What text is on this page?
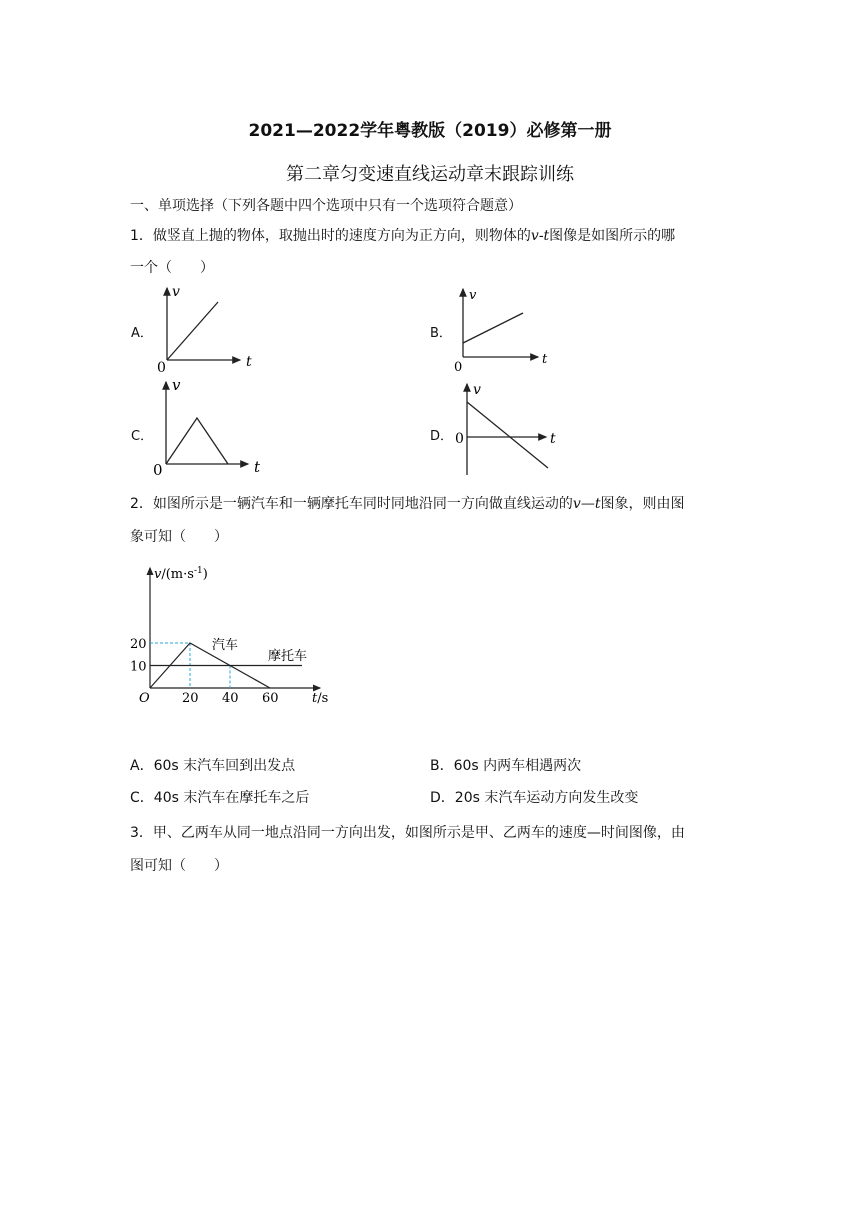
2021—2022学年粤教版（2019）必修第一册
第二章匀变速直线运动章末跟踪训练
一、单项选择（下列各题中四个选项中只有一个选项符合题意）
1．做竖直上抛的物体，取抛出时的速度方向为正方向，则物体的v-t图像是如图所示的哪
一个（　　）
A．	B．
C．	D．
v
t
0
v
t
0
v
t
0
v
t
0
2．如图所示是一辆汽车和一辆摩托车同时同地沿同一方向做直线运动的v—t图象，则由图
象可知（　　）
$v/(m\cdot s^{-1})$
t/s
O
20
10
20 40 60
汽车
摩托车
A．60s 末汽车回到出发点	B．60s 内两车相遇两次
C．40s 末汽车在摩托车之后	D．20s 末汽车运动方向发生改变
3．甲、乙两车从同一地点沿同一方向出发，如图所示是甲、乙两车的速度—时间图像，由
图可知（　　）
